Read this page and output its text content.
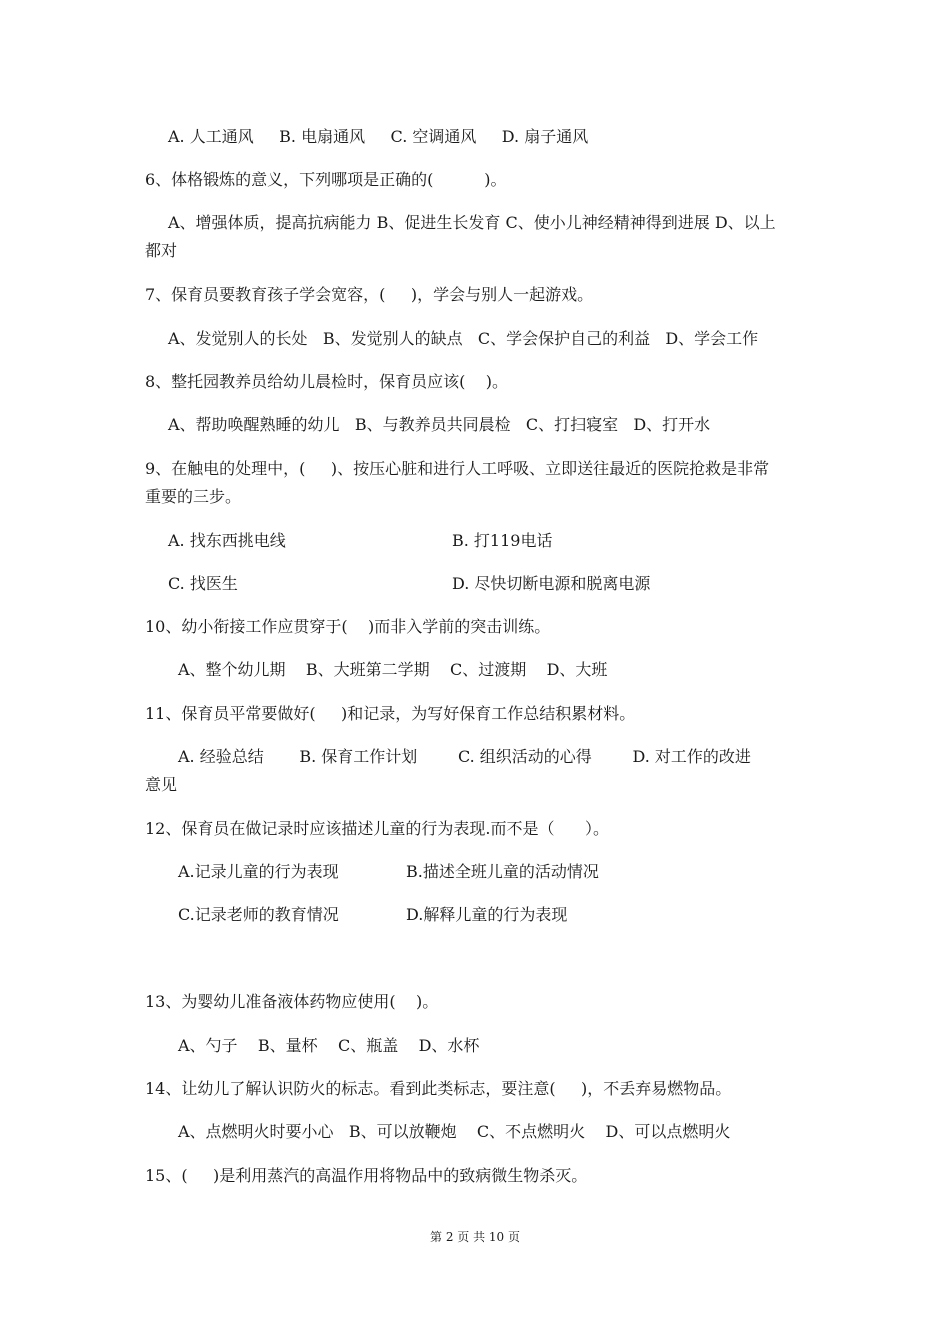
A. 人工通风     B. 电扇通风     C. 空调通风     D. 扇子通风
6、体格锻炼的意义，下列哪项是正确的(          )。
A、增强体质，提高抗病能力 B、促进生长发育 C、使小儿神经精神得到进展 D、以上
都对
7、保育员要教育孩子学会宽容，(     )，学会与别人一起游戏。
A、发觉别人的长处   B、发觉别人的缺点   C、学会保护自己的利益   D、学会工作
8、整托园教养员给幼儿晨检时，保育员应该(    )。
A、帮助唤醒熟睡的幼儿   B、与教养员共同晨检   C、打扫寝室   D、打开水
9、在触电的处理中，(     )、按压心脏和进行人工呼吸、立即送往最近的医院抢救是非常
重要的三步。
A. 找东西挑电线	B. 打119电话
C. 找医生	D. 尽快切断电源和脱离电源
10、幼小衔接工作应贯穿于(    )而非入学前的突击训练。
A、整个幼儿期    B、大班第二学期    C、过渡期    D、大班
11、保育员平常要做好(     )和记录，为写好保育工作总结积累材料。
A. 经验总结       B. 保育工作计划        C. 组织活动的心得        D. 对工作的改进
意见
12、保育员在做记录时应该描述儿童的行为表现.而不是（      ）。
A.记录儿童的行为表现	B.描述全班儿童的活动情况
C.记录老师的教育情况	D.解释儿童的行为表现
13、为婴幼儿准备液体药物应使用(    )。
A、勺子    B、量杯    C、瓶盖    D、水杯
14、让幼儿了解认识防火的标志。看到此类标志，要注意(     )，不丢弃易燃物品。
A、点燃明火时要小心   B、可以放鞭炮    C、不点燃明火    D、可以点燃明火
15、(     )是利用蒸汽的高温作用将物品中的致病微生物杀灭。
第 2 页 共 10 页
